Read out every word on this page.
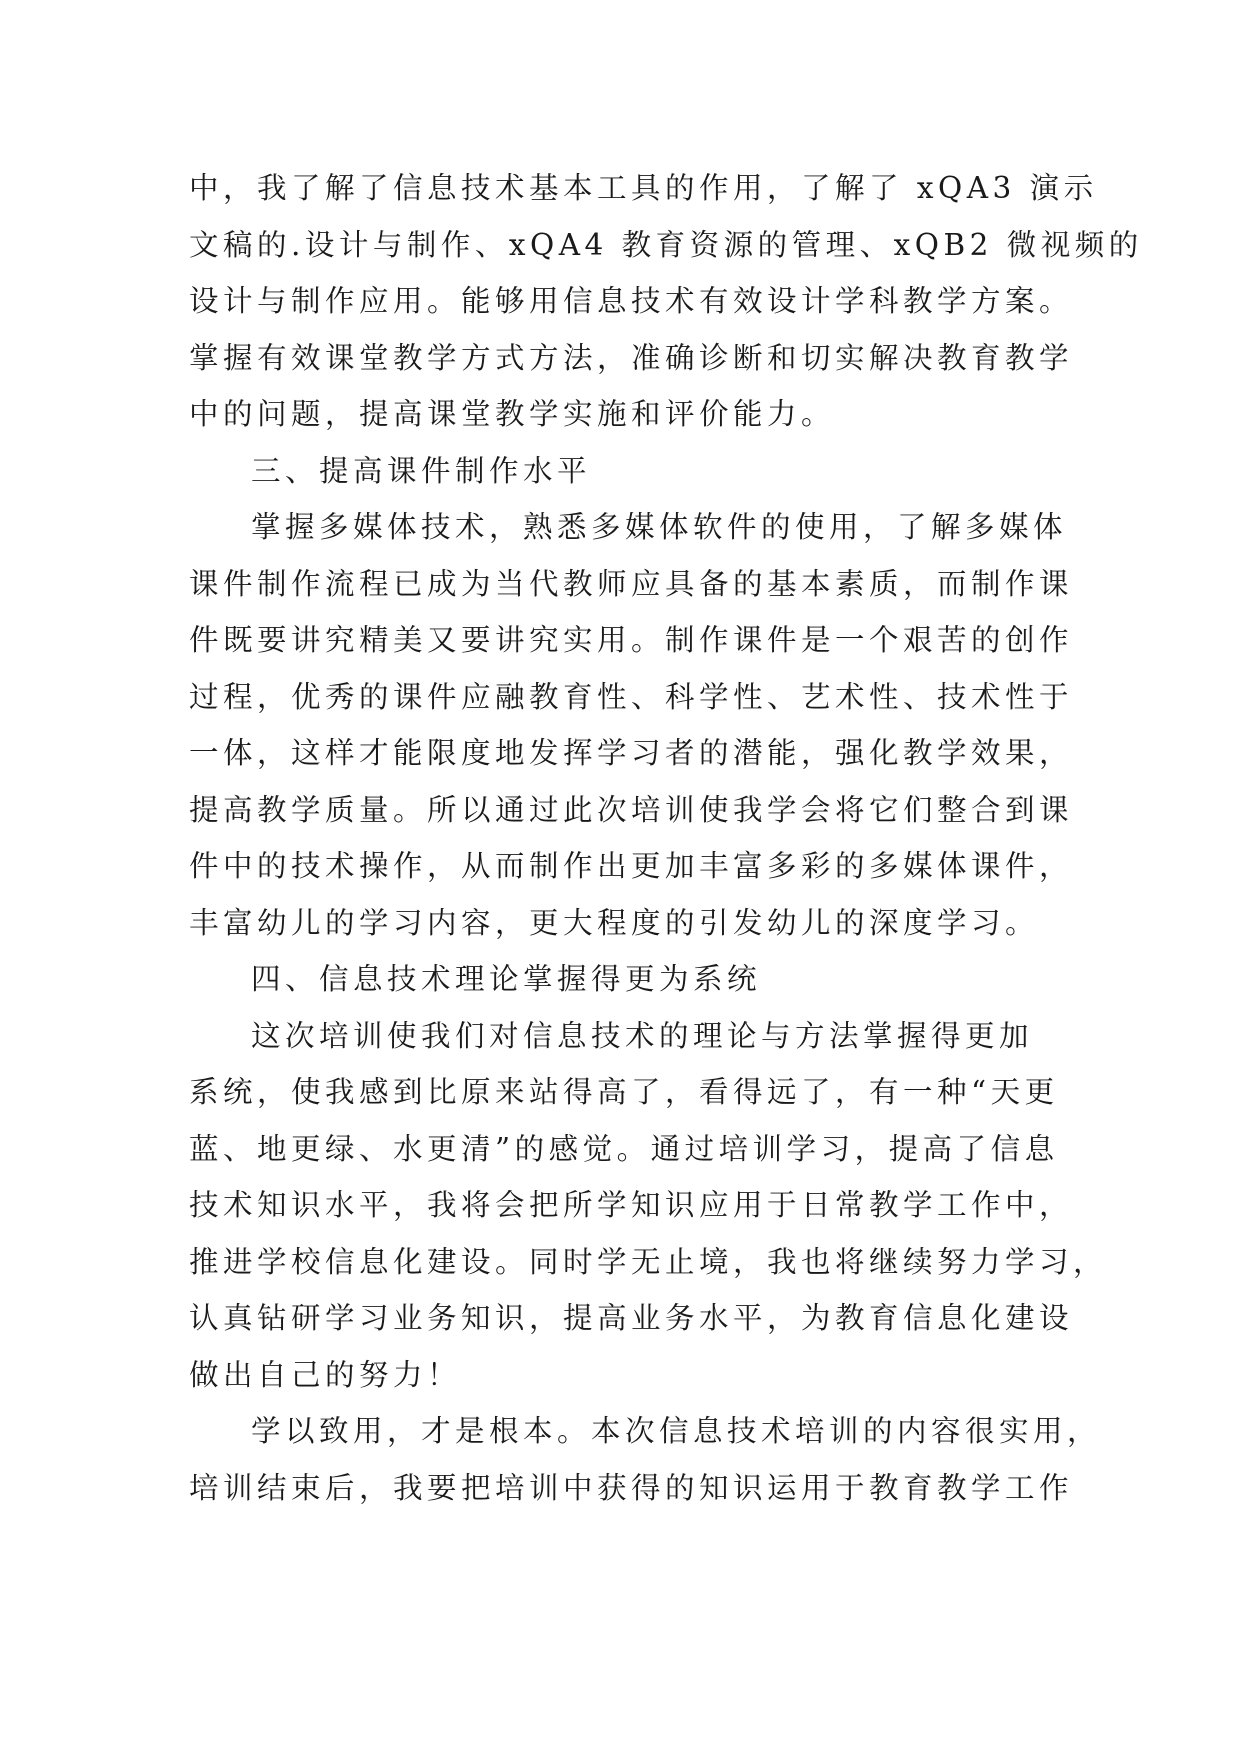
中，我了解了信息技术基本工具的作用，了解了 xQA3 演示
文稿的.设计与制作、xQA4 教育资源的管理、xQB2 微视频的
设计与制作应用。能够用信息技术有效设计学科教学方案。
掌握有效课堂教学方式方法，准确诊断和切实解决教育教学
中的问题，提高课堂教学实施和评价能力。
三、提高课件制作水平
掌握多媒体技术，熟悉多媒体软件的使用，了解多媒体
课件制作流程已成为当代教师应具备的基本素质，而制作课
件既要讲究精美又要讲究实用。制作课件是一个艰苦的创作
过程，优秀的课件应融教育性、科学性、艺术性、技术性于
一体，这样才能限度地发挥学习者的潜能，强化教学效果，
提高教学质量。所以通过此次培训使我学会将它们整合到课
件中的技术操作，从而制作出更加丰富多彩的多媒体课件，
丰富幼儿的学习内容，更大程度的引发幼儿的深度学习。
四、信息技术理论掌握得更为系统
这次培训使我们对信息技术的理论与方法掌握得更加
系统，使我感到比原来站得高了，看得远了，有一种“天更
蓝、地更绿、水更清”的感觉。通过培训学习，提高了信息
技术知识水平，我将会把所学知识应用于日常教学工作中，
推进学校信息化建设。同时学无止境，我也将继续努力学习，
认真钻研学习业务知识，提高业务水平，为教育信息化建设
做出自己的努力！
学以致用，才是根本。本次信息技术培训的内容很实用，
培训结束后，我要把培训中获得的知识运用于教育教学工作
